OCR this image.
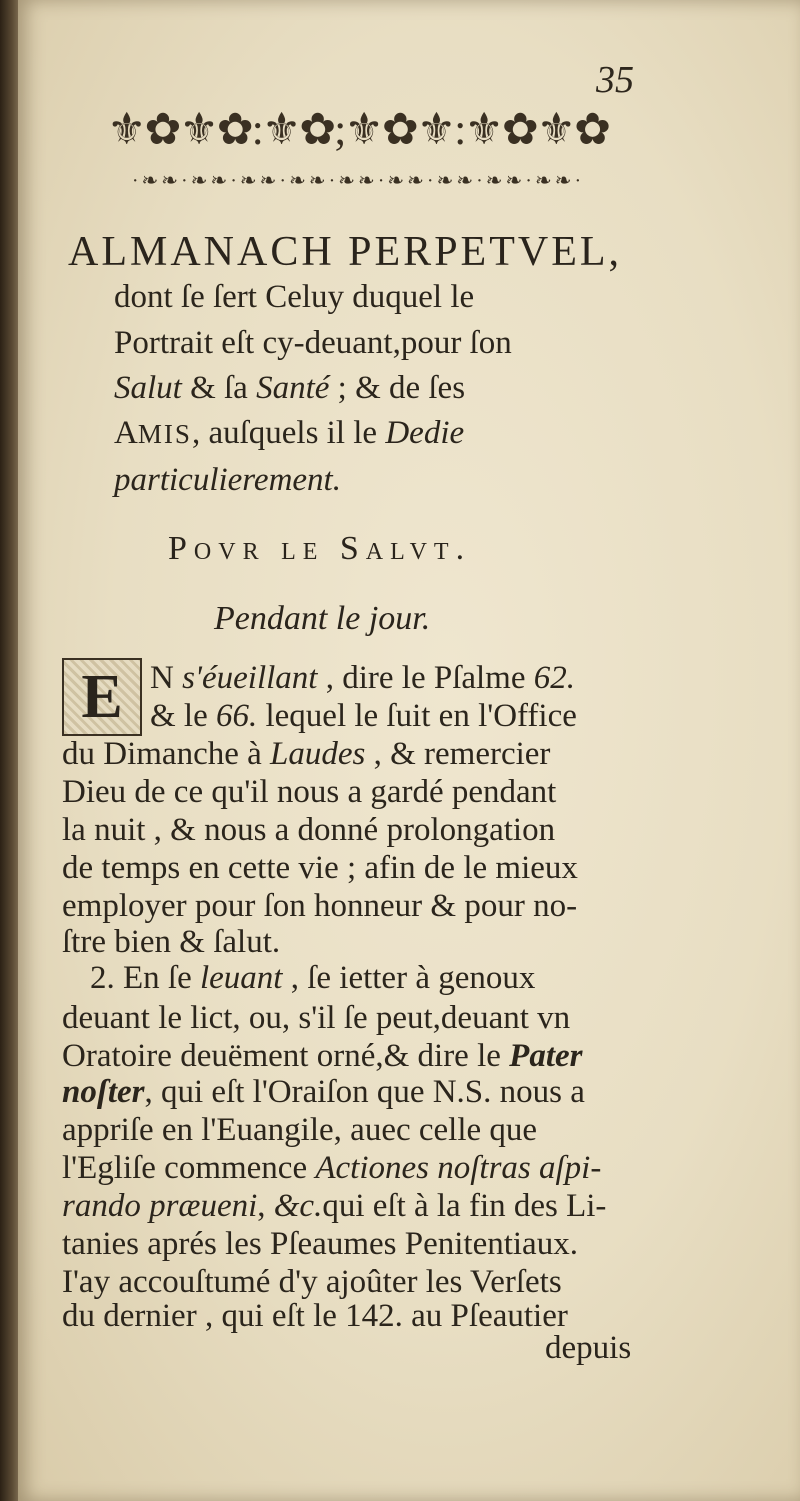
35
⚜✿⚜✿:⚜✿;⚜✿⚜:⚜✿⚜✿
·❧❧·❧❧·❧❧·❧❧·❧❧·❧❧·❧❧·❧❧·❧❧·
ALMANACH PERPETVEL,
dont ſe ſert Celuy duquel le
Portrait eſt cy-deuant,pour ſon
Salut & ſa Santé ; & de ſes
AMIS, auſquels il le Dedie
particulierement.
Povr le Salvt.
Pendant le jour.
E N s'éueillant , dire le Pſalme 62.
& le 66. lequel le ſuit en l'Office
du Dimanche à Laudes , & remercier
Dieu de ce qu'il nous a gardé pendant
la nuit , & nous a donné prolongation
de temps en cette vie ; afin de le mieux
employer pour ſon honneur & pour no-
ſtre bien & ſalut.
2. En ſe leuant , ſe ietter à genoux
deuant le lict, ou, s'il ſe peut,deuant vn
Oratoire deuëment orné,& dire le Pater
noſter, qui eſt l'Oraiſon que N.S. nous a
appriſe en l'Euangile, auec celle que
l'Egliſe commence Actiones noſtras aſpi-
rando præueni, &c.qui eſt à la fin des Li-
tanies aprés les Pſeaumes Penitentiaux.
I'ay accouſtumé d'y ajoûter les Verſets
du dernier , qui eſt le 142. au Pſeautier
depuis
